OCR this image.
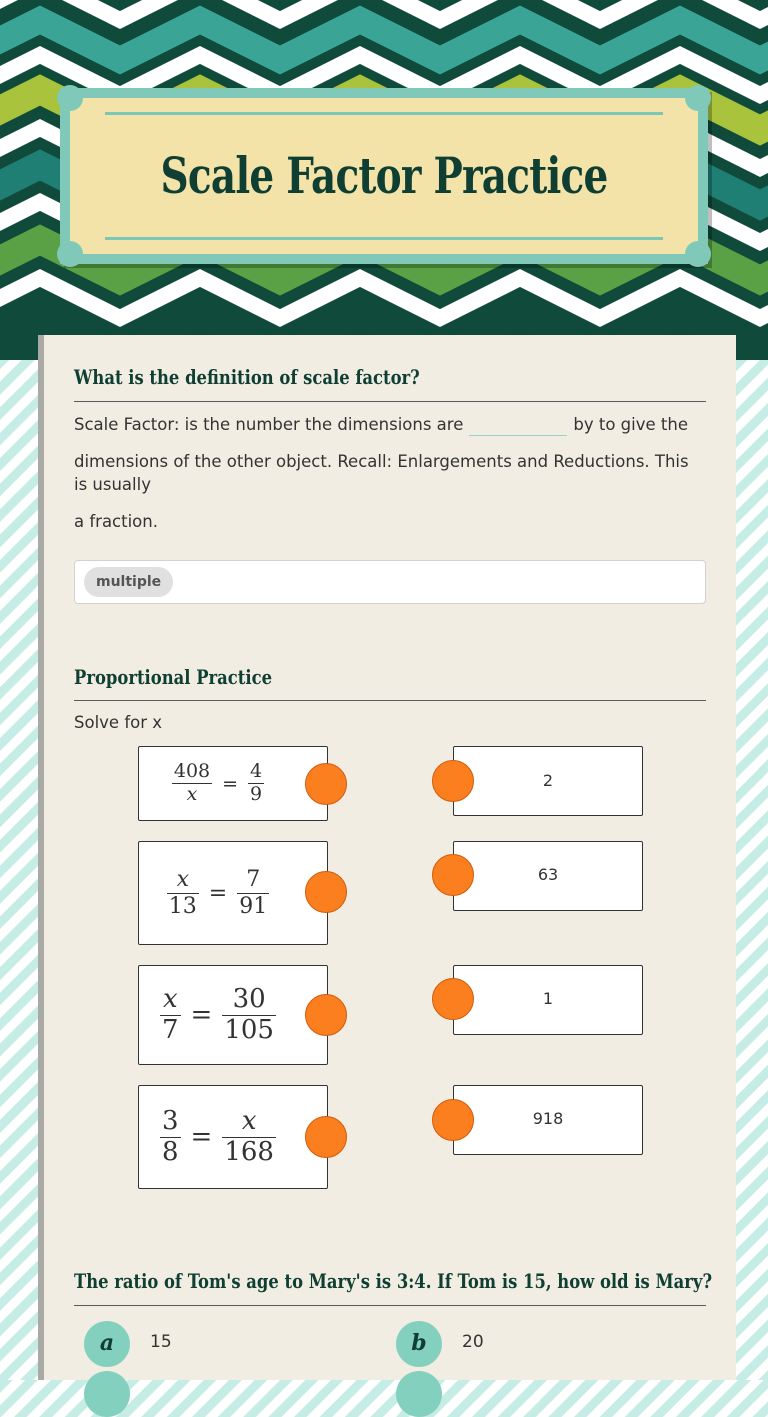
Scale Factor Practice
What is the definition of scale factor?
Scale Factor: is the number the dimensions are	by to give the
dimensions of the other object. Recall: Enlargements and Reductions. This is usually
a fraction.
multiple
Proportional Practice
Solve for x
$\frac{408}{x} = \frac{4}{9}$
$\frac{x}{13} = \frac{7}{91}$
$\frac{x}{7} = \frac{30}{105}$
$\frac{3}{8} = \frac{x}{168}$
2
63
1
918
The ratio of Tom's age to Mary's is 3:4. If Tom is 15, how old is Mary?
a	15	b	20
